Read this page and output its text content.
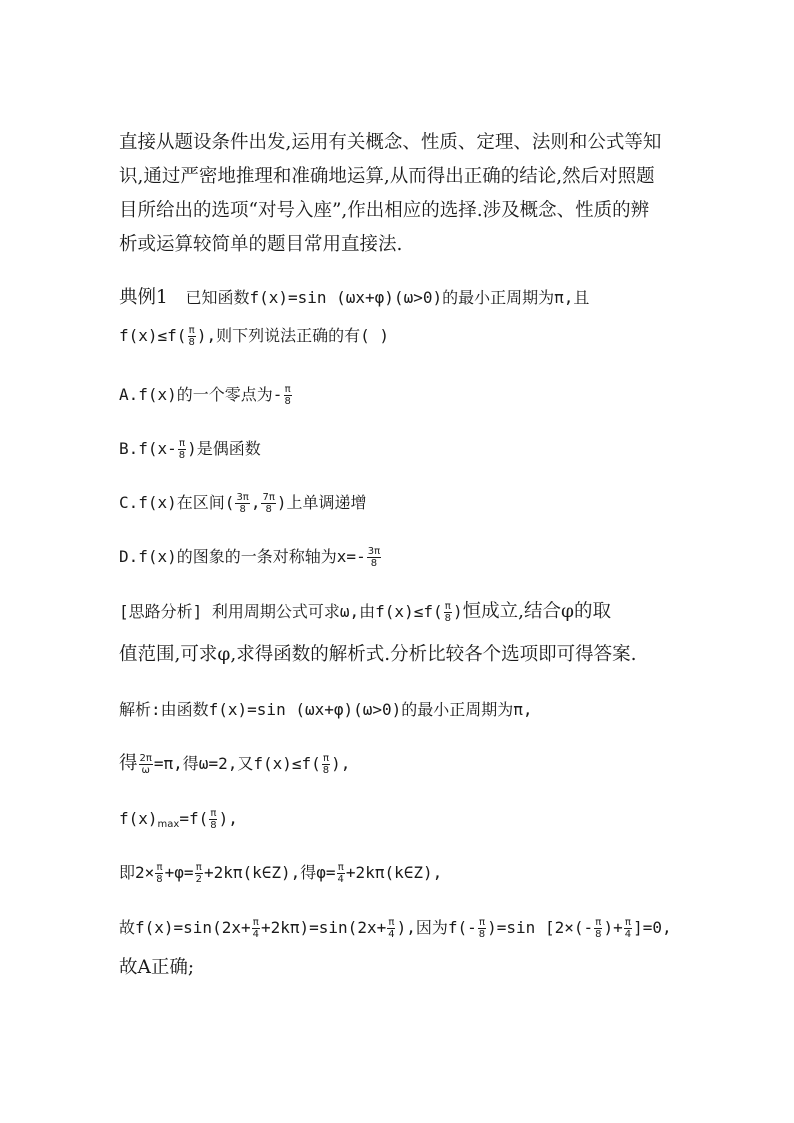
直接从题设条件出发,运用有关概念、性质、定理、法则和公式等知
识,通过严密地推理和准确地运算,从而得出正确的结论,然后对照题
目所给出的选项“对号入座”,作出相应的选择.涉及概念、性质的辨
析或运算较简单的题目常用直接法.
典例1 已知函数f(x)=sin (ωx+φ)(ω>0)的最小正周期为π,且
$f(x)\le f( \frac{\pi}{8}$ ),则下列说法正确的有( )
A.f(x)的一个零点为- $\frac{\pi}{8}$
$B.f(x- \frac{\pi}{8}$ )是偶函数
C.f(x)在区间( $\frac{3\pi}{8}$ , $\frac{7\pi}{8}$ )上单调递增
D.f(x)的图象的一条对称轴为$x=- \frac{3\pi}{8}$
[思路分析] 利用周期公式可求ω,由$f(x)\le f( \frac{\pi}{8}$ )恒成立,结合φ的取
值范围,可求φ,求得函数的解析式.分析比较各个选项即可得答案.
解析:由函数f(x)=sin (ωx+φ)(ω>0)的最小正周期为π,
得 $\frac{2\pi}{\omega} =\pi$,得ω=2,又$f(x)\le f( \frac{\pi}{8}$ ),
$f(x)_{max}=f( \frac{\pi}{8}$ ),
即$2\times \frac{\pi}{8} +\varphi= \frac{\pi}{2}$ +2kπ(k∈Z),得$\varphi= \frac{\pi}{4}$ +2kπ(k∈Z),
故$f(x)=\sin(2x+ \frac{\pi}{4} +2k\pi)=\sin(2x+ \frac{\pi}{4}$ ),因为$f(- \frac{\pi}{8} )=\sin$ [$2\times(- \frac{\pi}{8}$ )+ $\frac{\pi}{4} ]=0$,
故A正确;
